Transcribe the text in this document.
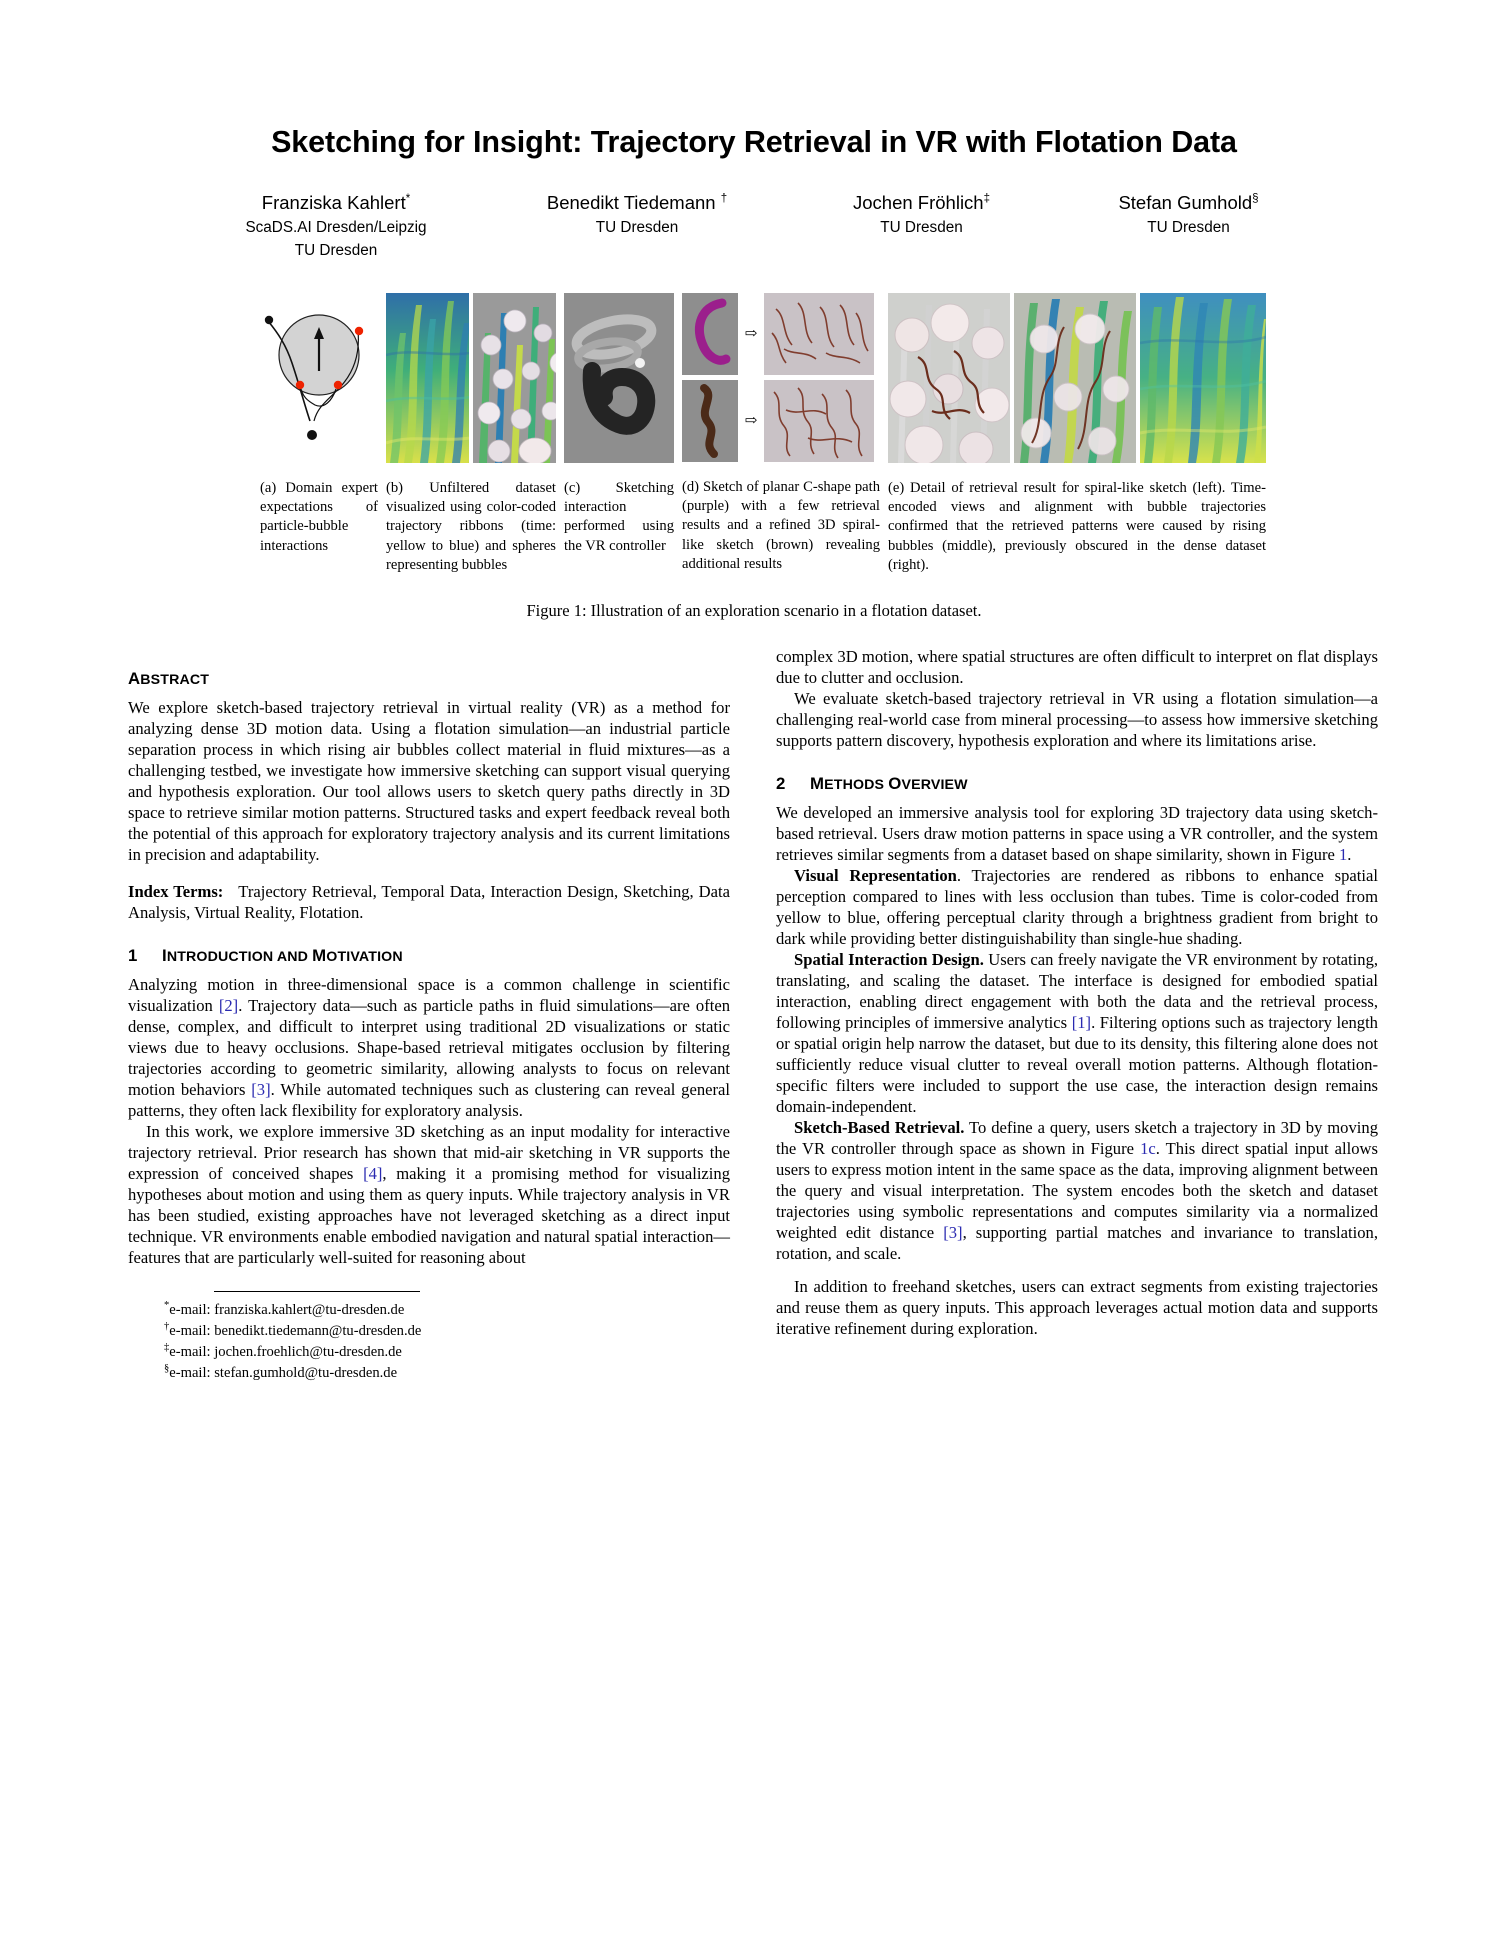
Sketching for Insight: Trajectory Retrieval in VR with Flotation Data
Franziska Kahlert*
ScaDS.AI Dresden/Leipzig
TU Dresden
Benedikt Tiedemann †
TU Dresden
Jochen Fröhlich‡
TU Dresden
Stefan Gumhold§
TU Dresden
(a) Domain expert expectations of particle-bubble interactions
(b) Unfiltered dataset visualized using color-coded trajectory ribbons (time: yellow to blue) and spheres representing bubbles
(c) Sketching interaction performed using the VR controller
⇨
⇨
(d) Sketch of planar C-shape path (purple) with a few retrieval results and a refined 3D spiral-like sketch (brown) revealing additional results
(e) Detail of retrieval result for spiral-like sketch (left). Time-encoded views and alignment with bubble trajectories confirmed that the retrieved patterns were caused by rising bubbles (middle), previously obscured in the dense dataset (right).
Figure 1: Illustration of an exploration scenario in a flotation dataset.
ABSTRACT

We explore sketch-based trajectory retrieval in virtual reality (VR) as a method for analyzing dense 3D motion data. Using a flotation simulation—an industrial particle separation process in which rising air bubbles collect material in fluid mixtures—as a challenging testbed, we investigate how immersive sketching can support visual querying and hypothesis exploration. Our tool allows users to sketch query paths directly in 3D space to retrieve similar motion patterns. Structured tasks and expert feedback reveal both the potential of this approach for exploratory trajectory analysis and its current limitations in precision and adaptability.

Index Terms: Trajectory Retrieval, Temporal Data, Interaction Design, Sketching, Data Analysis, Virtual Reality, Flotation.

1 INTRODUCTION AND MOTIVATION

Analyzing motion in three-dimensional space is a common challenge in scientific visualization [2]. Trajectory data—such as particle paths in fluid simulations—are often dense, complex, and difficult to interpret using traditional 2D visualizations or static views due to heavy occlusions. Shape-based retrieval mitigates occlusion by filtering trajectories according to geometric similarity, allowing analysts to focus on relevant motion behaviors [3]. While automated techniques such as clustering can reveal general patterns, they often lack flexibility for exploratory analysis.

In this work, we explore immersive 3D sketching as an input modality for interactive trajectory retrieval. Prior research has shown that mid-air sketching in VR supports the expression of conceived shapes [4], making it a promising method for visualizing hypotheses about motion and using them as query inputs. While trajectory analysis in VR has been studied, existing approaches have not leveraged sketching as a direct input technique. VR environments enable embodied navigation and natural spatial interaction—features that are particularly well-suited for reasoning about

*e-mail: franziska.kahlert@tu-dresden.de
†e-mail: benedikt.tiedemann@tu-dresden.de
‡e-mail: jochen.froehlich@tu-dresden.de
§e-mail: stefan.gumhold@tu-dresden.de

complex 3D motion, where spatial structures are often difficult to interpret on flat displays due to clutter and occlusion.

We evaluate sketch-based trajectory retrieval in VR using a flotation simulation—a challenging real-world case from mineral processing—to assess how immersive sketching supports pattern discovery, hypothesis exploration and where its limitations arise.

2 METHODS OVERVIEW

We developed an immersive analysis tool for exploring 3D trajectory data using sketch-based retrieval. Users draw motion patterns in space using a VR controller, and the system retrieves similar segments from a dataset based on shape similarity, shown in Figure 1.

Visual Representation. Trajectories are rendered as ribbons to enhance spatial perception compared to lines with less occlusion than tubes. Time is color-coded from yellow to blue, offering perceptual clarity through a brightness gradient from bright to dark while providing better distinguishability than single-hue shading.

Spatial Interaction Design. Users can freely navigate the VR environment by rotating, translating, and scaling the dataset. The interface is designed for embodied spatial interaction, enabling direct engagement with both the data and the retrieval process, following principles of immersive analytics [1]. Filtering options such as trajectory length or spatial origin help narrow the dataset, but due to its density, this filtering alone does not sufficiently reduce visual clutter to reveal overall motion patterns. Although flotation-specific filters were included to support the use case, the interaction design remains domain-independent.

Sketch-Based Retrieval. To define a query, users sketch a trajectory in 3D by moving the VR controller through space as shown in Figure 1c. This direct spatial input allows users to express motion intent in the same space as the data, improving alignment between the query and visual interpretation. The system encodes both the sketch and dataset trajectories using symbolic representations and computes similarity via a normalized weighted edit distance [3], supporting partial matches and invariance to translation, rotation, and scale.

In addition to freehand sketches, users can extract segments from existing trajectories and reuse them as query inputs. This approach leverages actual motion data and supports iterative refinement during exploration.
